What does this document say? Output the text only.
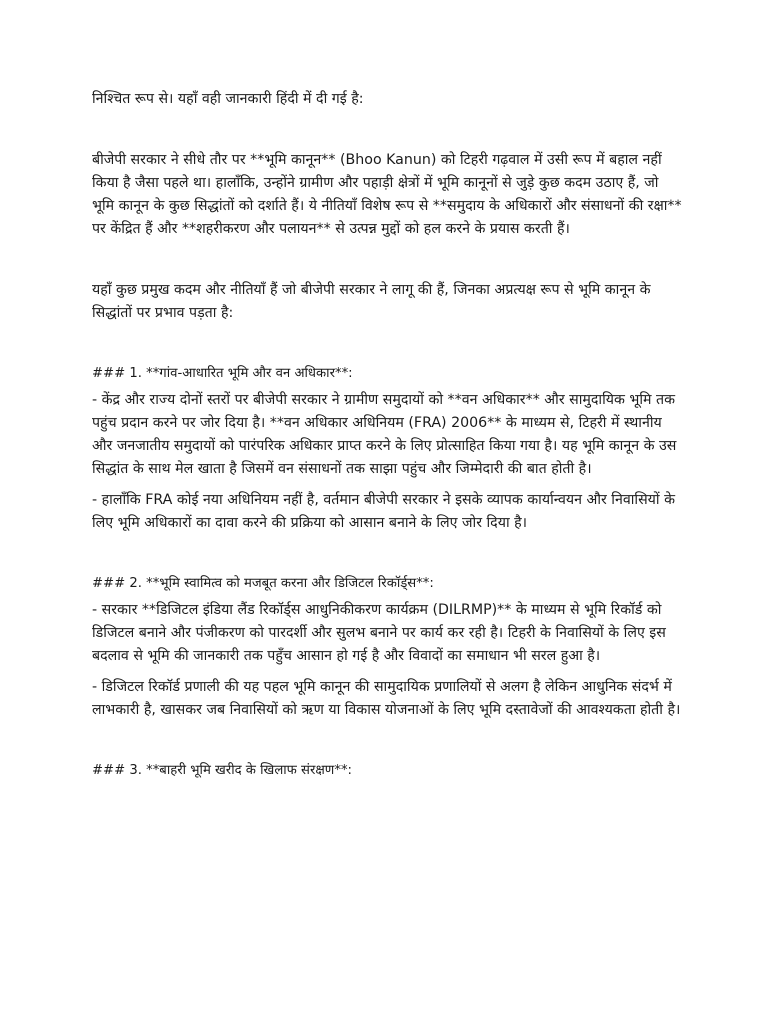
निश्चित रूप से। यहाँ वही जानकारी हिंदी में दी गई है:

बीजेपी सरकार ने सीधे तौर पर **भूमि कानून** (Bhoo Kanun) को टिहरी गढ़वाल में उसी रूप में बहाल नहीं किया है जैसा पहले था। हालाँकि, उन्होंने ग्रामीण और पहाड़ी क्षेत्रों में भूमि कानूनों से जुड़े कुछ कदम उठाए हैं, जो भूमि कानून के कुछ सिद्धांतों को दर्शाते हैं। ये नीतियाँ विशेष रूप से **समुदाय के अधिकारों और संसाधनों की रक्षा** पर केंद्रित हैं और **शहरीकरण और पलायन** से उत्पन्न मुद्दों को हल करने के प्रयास करती हैं।

यहाँ कुछ प्रमुख कदम और नीतियाँ हैं जो बीजेपी सरकार ने लागू की हैं, जिनका अप्रत्यक्ष रूप से भूमि कानून के सिद्धांतों पर प्रभाव पड़ता है:

### 1. **गांव-आधारित भूमि और वन अधिकार**:

- केंद्र और राज्य दोनों स्तरों पर बीजेपी सरकार ने ग्रामीण समुदायों को **वन अधिकार** और सामुदायिक भूमि तक पहुंच प्रदान करने पर जोर दिया है। **वन अधिकार अधिनियम (FRA) 2006** के माध्यम से, टिहरी में स्थानीय और जनजातीय समुदायों को पारंपरिक अधिकार प्राप्त करने के लिए प्रोत्साहित किया गया है। यह भूमि कानून के उस सिद्धांत के साथ मेल खाता है जिसमें वन संसाधनों तक साझा पहुंच और जिम्मेदारी की बात होती है।

- हालाँकि FRA कोई नया अधिनियम नहीं है, वर्तमान बीजेपी सरकार ने इसके व्यापक कार्यान्वयन और निवासियों के लिए भूमि अधिकारों का दावा करने की प्रक्रिया को आसान बनाने के लिए जोर दिया है।

### 2. **भूमि स्वामित्व को मजबूत करना और डिजिटल रिकॉर्ड्स**:

- सरकार **डिजिटल इंडिया लैंड रिकॉर्ड्स आधुनिकीकरण कार्यक्रम (DILRMP)** के माध्यम से भूमि रिकॉर्ड को डिजिटल बनाने और पंजीकरण को पारदर्शी और सुलभ बनाने पर कार्य कर रही है। टिहरी के निवासियों के लिए इस बदलाव से भूमि की जानकारी तक पहुँच आसान हो गई है और विवादों का समाधान भी सरल हुआ है।

- डिजिटल रिकॉर्ड प्रणाली की यह पहल भूमि कानून की सामुदायिक प्रणालियों से अलग है लेकिन आधुनिक संदर्भ में लाभकारी है, खासकर जब निवासियों को ऋण या विकास योजनाओं के लिए भूमि दस्तावेजों की आवश्यकता होती है।

### 3. **बाहरी भूमि खरीद के खिलाफ संरक्षण**:
